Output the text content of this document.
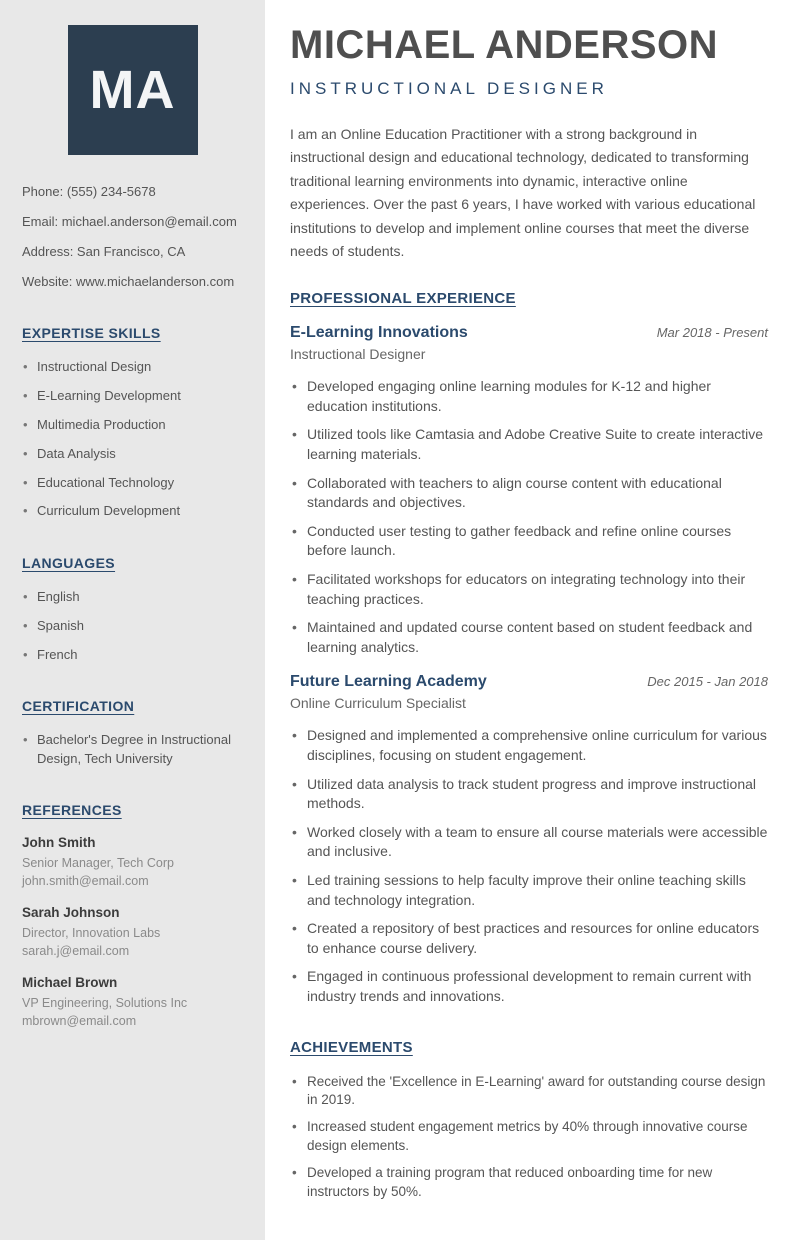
MA
Phone: (555) 234-5678
Email: michael.anderson@email.com
Address: San Francisco, CA
Website: www.michaelanderson.com
EXPERTISE SKILLS
• Instructional Design
• E-Learning Development
• Multimedia Production
• Data Analysis
• Educational Technology
• Curriculum Development
LANGUAGES
• English
• Spanish
• French
CERTIFICATION
• Bachelor's Degree in Instructional Design, Tech University
REFERENCES
John Smith
Senior Manager, Tech Corp
john.smith@email.com
Sarah Johnson
Director, Innovation Labs
sarah.j@email.com
Michael Brown
VP Engineering, Solutions Inc
mbrown@email.com
MICHAEL ANDERSON
INSTRUCTIONAL DESIGNER

I am an Online Education Practitioner with a strong background in instructional design and educational technology, dedicated to transforming traditional learning environments into dynamic, interactive online experiences. Over the past 6 years, I have worked with various educational institutions to develop and implement online courses that meet the diverse needs of students.

PROFESSIONAL EXPERIENCE
E-Learning Innovations	Mar 2018 - Present
Instructional Designer
• Developed engaging online learning modules for K-12 and higher education institutions.
• Utilized tools like Camtasia and Adobe Creative Suite to create interactive learning materials.
• Collaborated with teachers to align course content with educational standards and objectives.
• Conducted user testing to gather feedback and refine online courses before launch.
• Facilitated workshops for educators on integrating technology into their teaching practices.
• Maintained and updated course content based on student feedback and learning analytics.
Future Learning Academy	Dec 2015 - Jan 2018
Online Curriculum Specialist
• Designed and implemented a comprehensive online curriculum for various disciplines, focusing on student engagement.
• Utilized data analysis to track student progress and improve instructional methods.
• Worked closely with a team to ensure all course materials were accessible and inclusive.
• Led training sessions to help faculty improve their online teaching skills and technology integration.
• Created a repository of best practices and resources for online educators to enhance course delivery.
• Engaged in continuous professional development to remain current with industry trends and innovations.
ACHIEVEMENTS
• Received the 'Excellence in E-Learning' award for outstanding course design in 2019.
• Increased student engagement metrics by 40% through innovative course design elements.
• Developed a training program that reduced onboarding time for new instructors by 50%.
